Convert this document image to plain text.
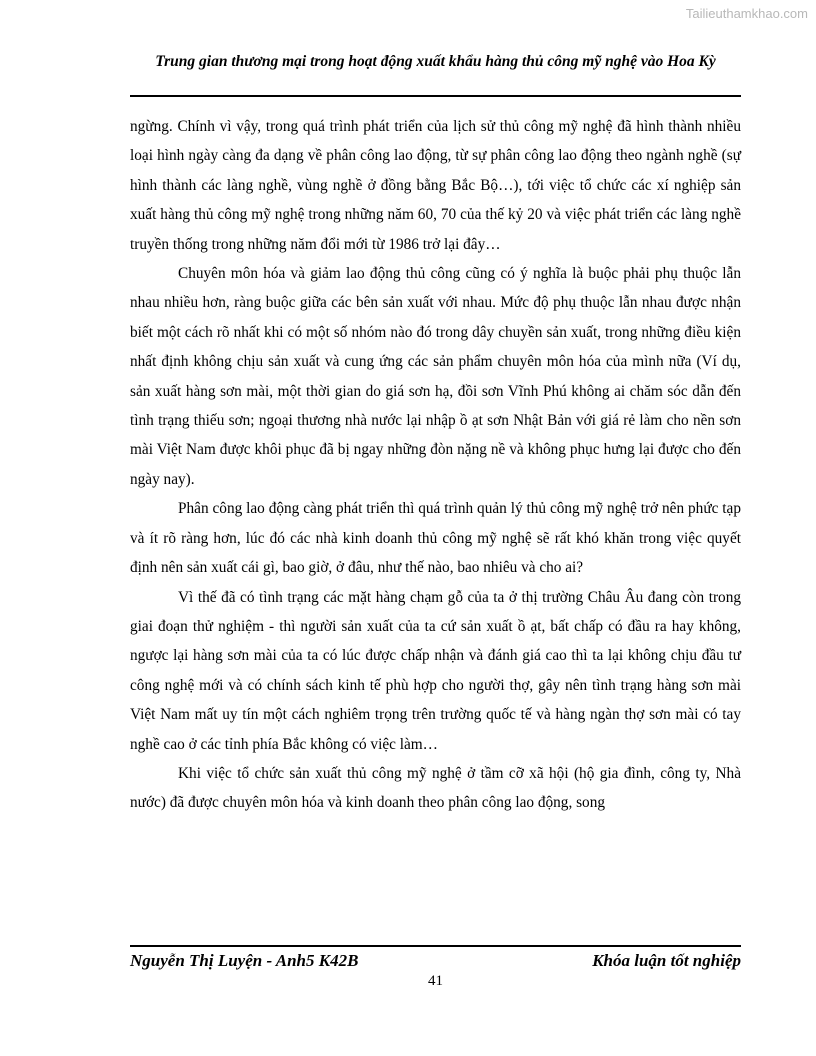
Tailieuthamkhao.com
Trung gian thương mại trong hoạt động xuất khẩu hàng thủ công mỹ nghệ vào Hoa Kỳ

ngừng. Chính vì vậy, trong quá trình phát triển của lịch sử thủ công mỹ nghệ đã hình thành nhiều loại hình ngày càng đa dạng về phân công lao động, từ sự phân công lao động theo ngành nghề (sự hình thành các làng nghề, vùng nghề ở đồng bằng Bắc Bộ…), tới việc tổ chức các xí nghiệp sản xuất hàng thủ công mỹ nghệ trong những năm 60, 70 của thế kỷ 20 và việc phát triển các làng nghề truyền thống trong những năm đổi mới từ 1986 trở lại đây…

Chuyên môn hóa và giảm lao động thủ công cũng có ý nghĩa là buộc phải phụ thuộc lẫn nhau nhiều hơn, ràng buộc giữa các bên sản xuất với nhau. Mức độ phụ thuộc lẫn nhau được nhận biết một cách rõ nhất khi có một số nhóm nào đó trong dây chuyền sản xuất, trong những điều kiện nhất định không chịu sản xuất và cung ứng các sản phẩm chuyên môn hóa của mình nữa (Ví dụ, sản xuất hàng sơn mài, một thời gian do giá sơn hạ, đồi sơn Vĩnh Phú không ai chăm sóc dẫn đến tình trạng thiếu sơn; ngoại thương nhà nước lại nhập ồ ạt sơn Nhật Bản với giá rẻ làm cho nền sơn mài Việt Nam được khôi phục đã bị ngay những đòn nặng nề và không phục hưng lại được cho đến ngày nay).

Phân công lao động càng phát triển thì quá trình quản lý thủ công mỹ nghệ trở nên phức tạp và ít rõ ràng hơn, lúc đó các nhà kinh doanh thủ công mỹ nghệ sẽ rất khó khăn trong việc quyết định nên sản xuất cái gì, bao giờ, ở đâu, như thế nào, bao nhiêu và cho ai?

Vì thế đã có tình trạng các mặt hàng chạm gỗ của ta ở thị trường Châu Âu đang còn trong giai đoạn thử nghiệm - thì người sản xuất của ta cứ sản xuất ồ ạt, bất chấp có đầu ra hay không, ngược lại hàng sơn mài của ta có lúc được chấp nhận và đánh giá cao thì ta lại không chịu đầu tư công nghệ mới và có chính sách kinh tế phù hợp cho người thợ, gây nên tình trạng hàng sơn mài Việt Nam mất uy tín một cách nghiêm trọng trên trường quốc tế và hàng ngàn thợ sơn mài có tay nghề cao ở các tỉnh phía Bắc không có việc làm…

Khi việc tổ chức sản xuất thủ công mỹ nghệ ở tầm cỡ xã hội (hộ gia đình, công ty, Nhà nước) đã được chuyên môn hóa và kinh doanh theo phân công lao động, song

Nguyễn Thị Luyện - Anh5 K42B	Khóa luận tốt nghiệp
41
